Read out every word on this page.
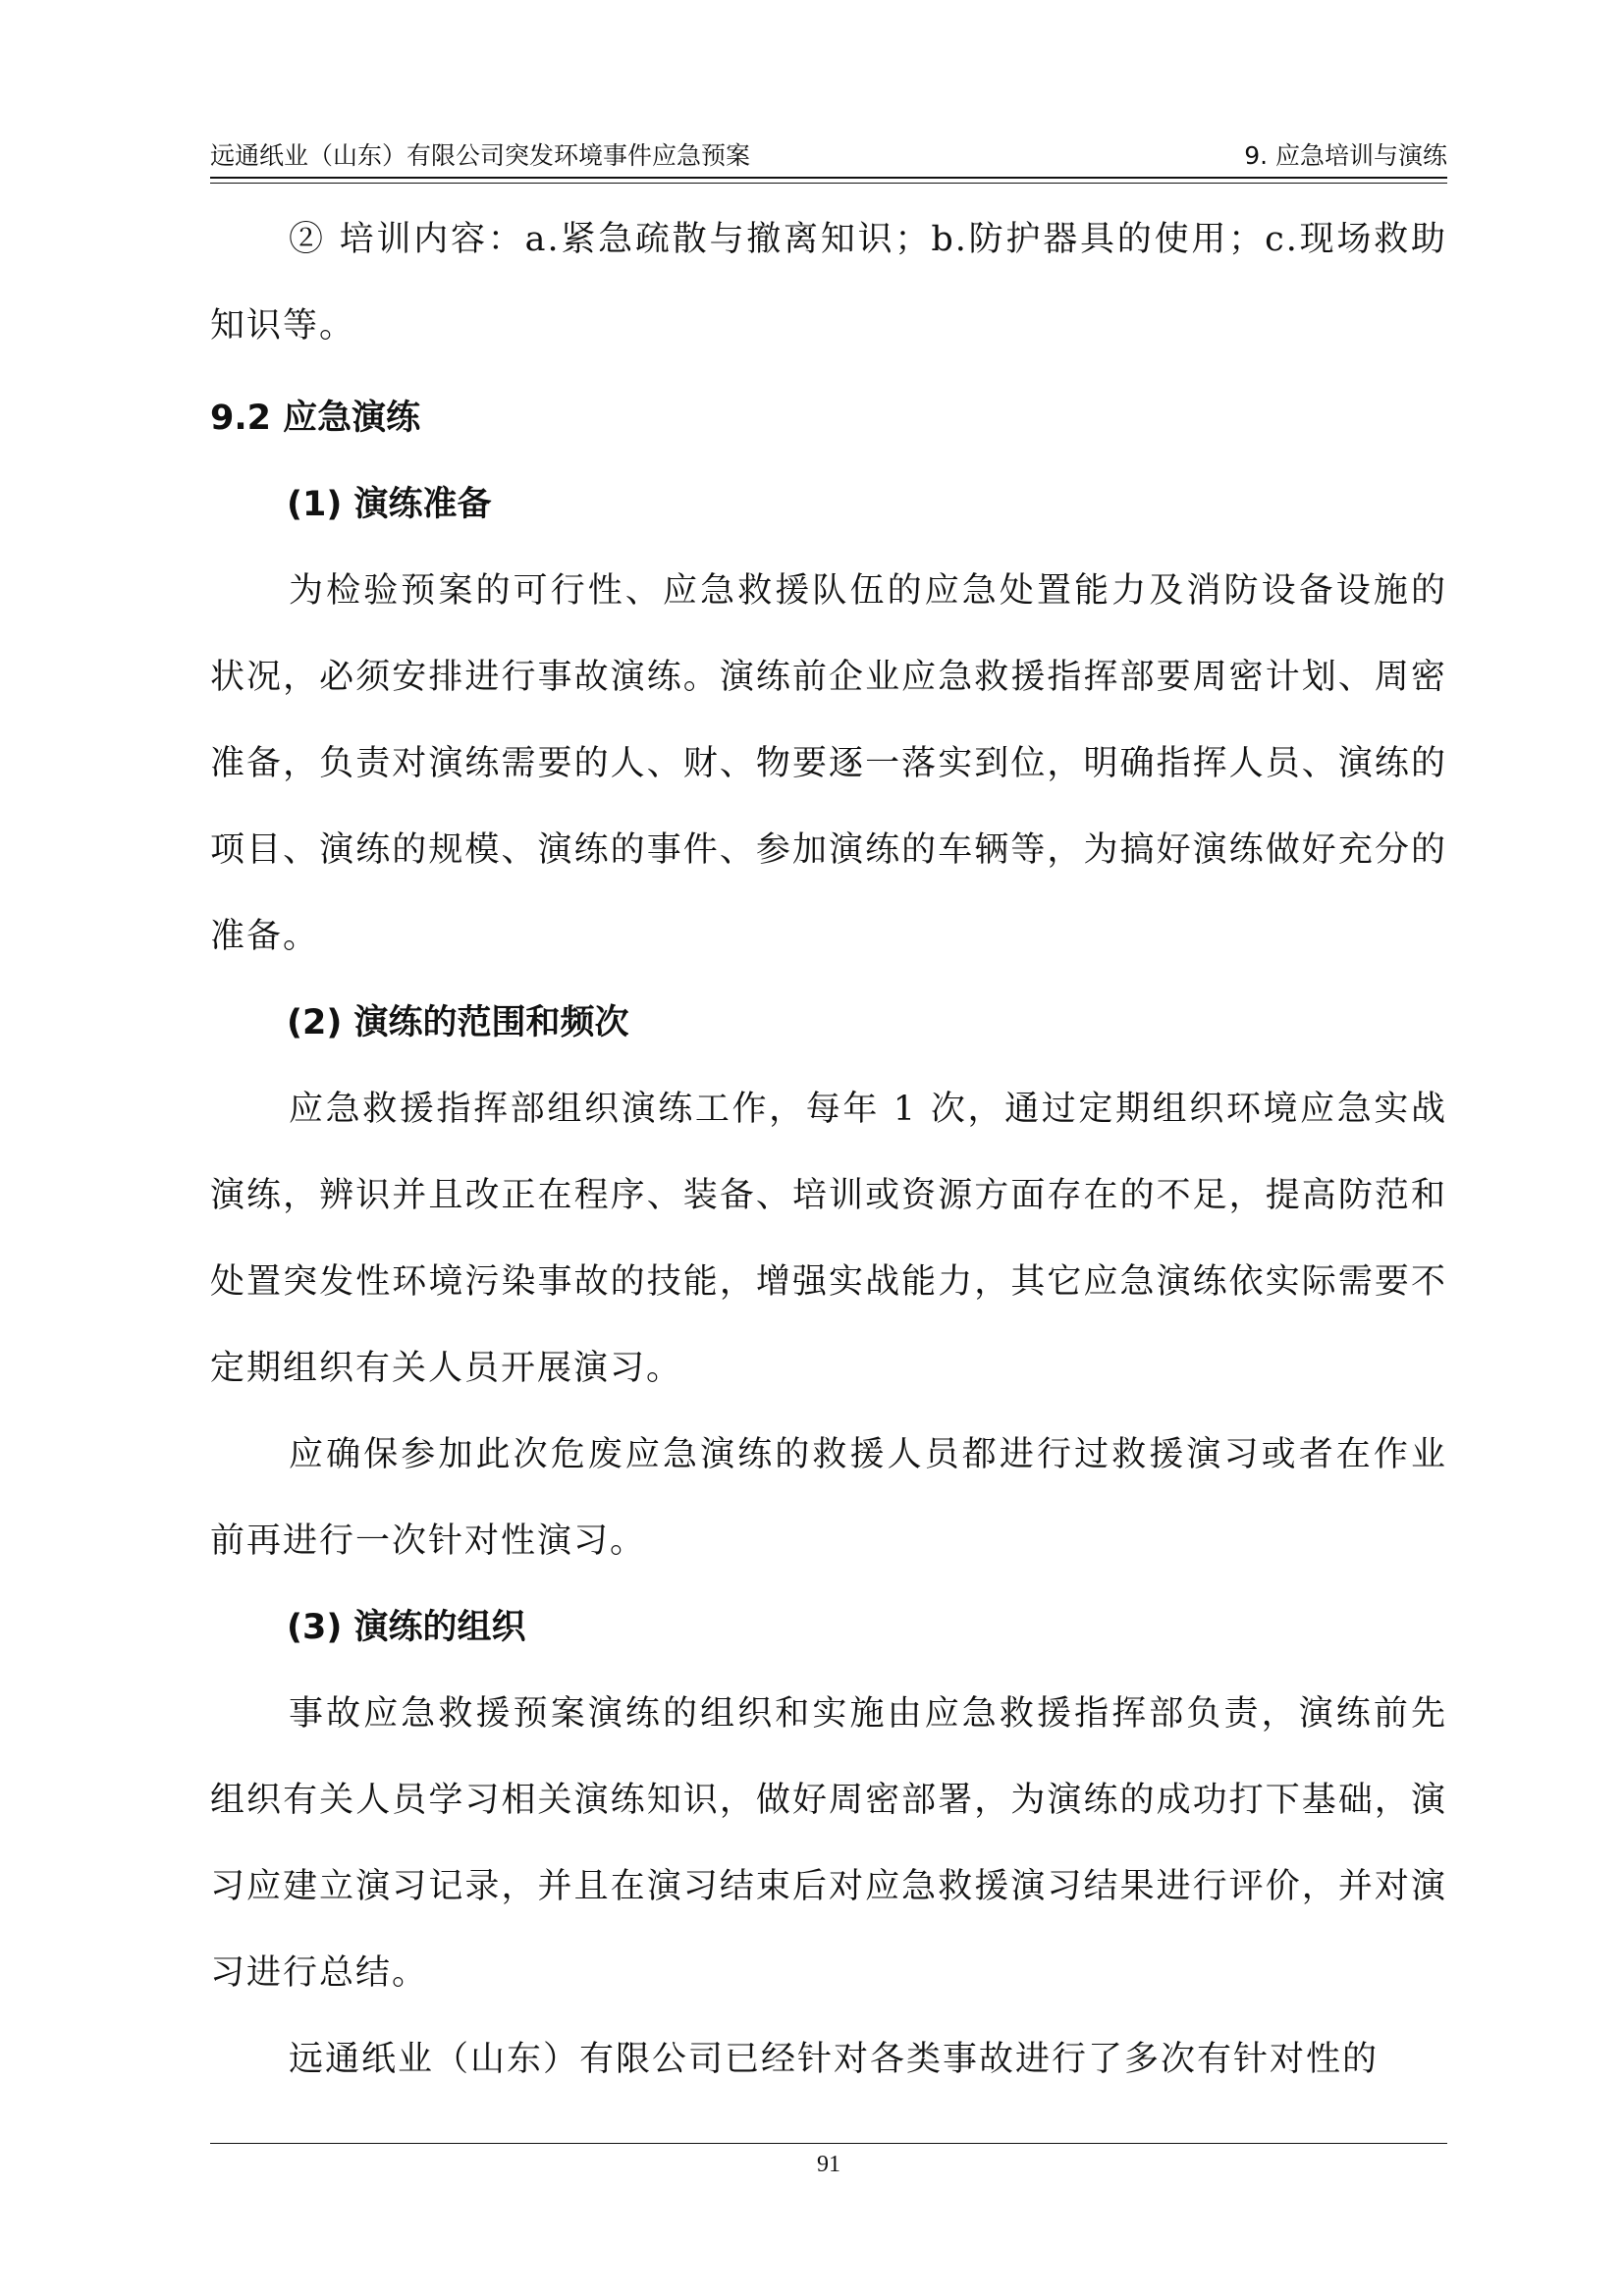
远通纸业（山东）有限公司突发环境事件应急预案	9. 应急培训与演练

② 培训内容：a.紧急疏散与撤离知识；b.防护器具的使用；c.现场救助知识等。

9.2 应急演练
(1) 演练准备

为检验预案的可行性、应急救援队伍的应急处置能力及消防设备设施的状况，必须安排进行事故演练。演练前企业应急救援指挥部要周密计划、周密准备，负责对演练需要的人、财、物要逐一落实到位，明确指挥人员、演练的项目、演练的规模、演练的事件、参加演练的车辆等，为搞好演练做好充分的准备。

(2) 演练的范围和频次

应急救援指挥部组织演练工作，每年 1 次，通过定期组织环境应急实战演练，辨识并且改正在程序、装备、培训或资源方面存在的不足，提高防范和处置突发性环境污染事故的技能，增强实战能力，其它应急演练依实际需要不定期组织有关人员开展演习。

应确保参加此次危废应急演练的救援人员都进行过救援演习或者在作业前再进行一次针对性演习。

(3) 演练的组织

事故应急救援预案演练的组织和实施由应急救援指挥部负责，演练前先组织有关人员学习相关演练知识，做好周密部署，为演练的成功打下基础，演习应建立演习记录，并且在演习结束后对应急救援演习结果进行评价，并对演习进行总结。

远通纸业（山东）有限公司已经针对各类事故进行了多次有针对性的

91
